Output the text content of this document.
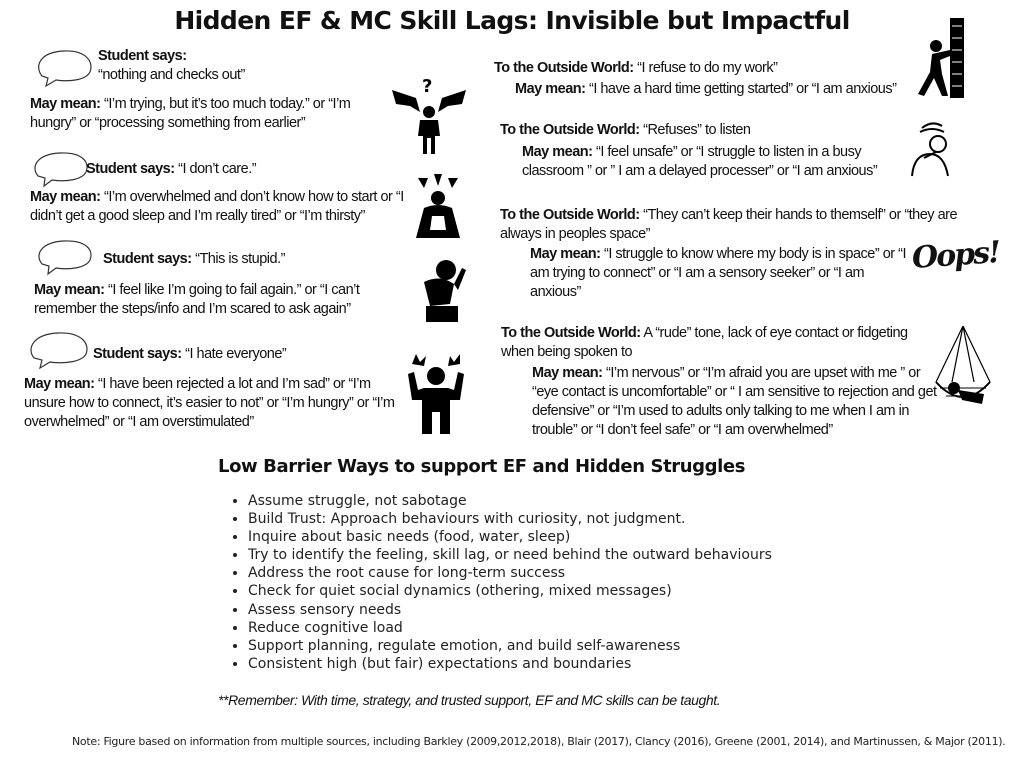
Hidden EF & MC Skill Lags: Invisible but Impactful
Student says:
“nothing and checks out”
May mean: “I’m trying, but it’s too much today.” or “I’m hungry” or “processing something from earlier”
?
Student says: “I don’t care.”
May mean: “I’m overwhelmed and don’t know how to start or “I didn’t get a good sleep and I’m really tired” or “I’m thirsty”
Student says: “This is stupid.”
May mean: “I feel like I’m going to fail again.” or “I can’t remember the steps/info and I’m scared to ask again”
Student says: “I hate everyone”
May mean: “I have been rejected a lot and I’m sad” or “I’m unsure how to connect, it’s easier to not” or “I’m hungry” or “I’m overwhelmed” or “I am overstimulated”
To the Outside World: “I refuse to do my work”
May mean: “I have a hard time getting started” or “I am anxious”
To the Outside World: “Refuses” to listen
May mean: “I feel unsafe” or “I struggle to listen in a busy classroom ” or ” I am a delayed processer” or “I am anxious”
To the Outside World: “They can’t keep their hands to themself” or “they are always in peoples space”
May mean: “I struggle to know where my body is in space” or “I am trying to connect” or “I am a sensory seeker” or “I am anxious”
Oops!
To the Outside World: A “rude” tone, lack of eye contact or fidgeting when being spoken to
May mean: “I’m nervous” or “I’m afraid you are upset with me ” or “eye contact is uncomfortable” or “ I am sensitive to rejection and get defensive” or “I’m used to adults only talking to me when I am in trouble” or “I don’t feel safe” or “I am overwhelmed”
Low Barrier Ways to support EF and Hidden Struggles
• Assume struggle, not sabotage
• Build Trust: Approach behaviours with curiosity, not judgment.
• Inquire about basic needs (food, water, sleep)
• Try to identify the feeling, skill lag, or need behind the outward behaviours
• Address the root cause for long-term success
• Check for quiet social dynamics (othering, mixed messages)
• Assess sensory needs
• Reduce cognitive load
• Support planning, regulate emotion, and build self-awareness
• Consistent high (but fair) expectations and boundaries
**Remember: With time, strategy, and trusted support, EF and MC skills can be taught.
Note: Figure based on information from multiple sources, including Barkley (2009,2012,2018), Blair (2017), Clancy (2016), Greene (2001, 2014), and Martinussen, & Major (2011).
